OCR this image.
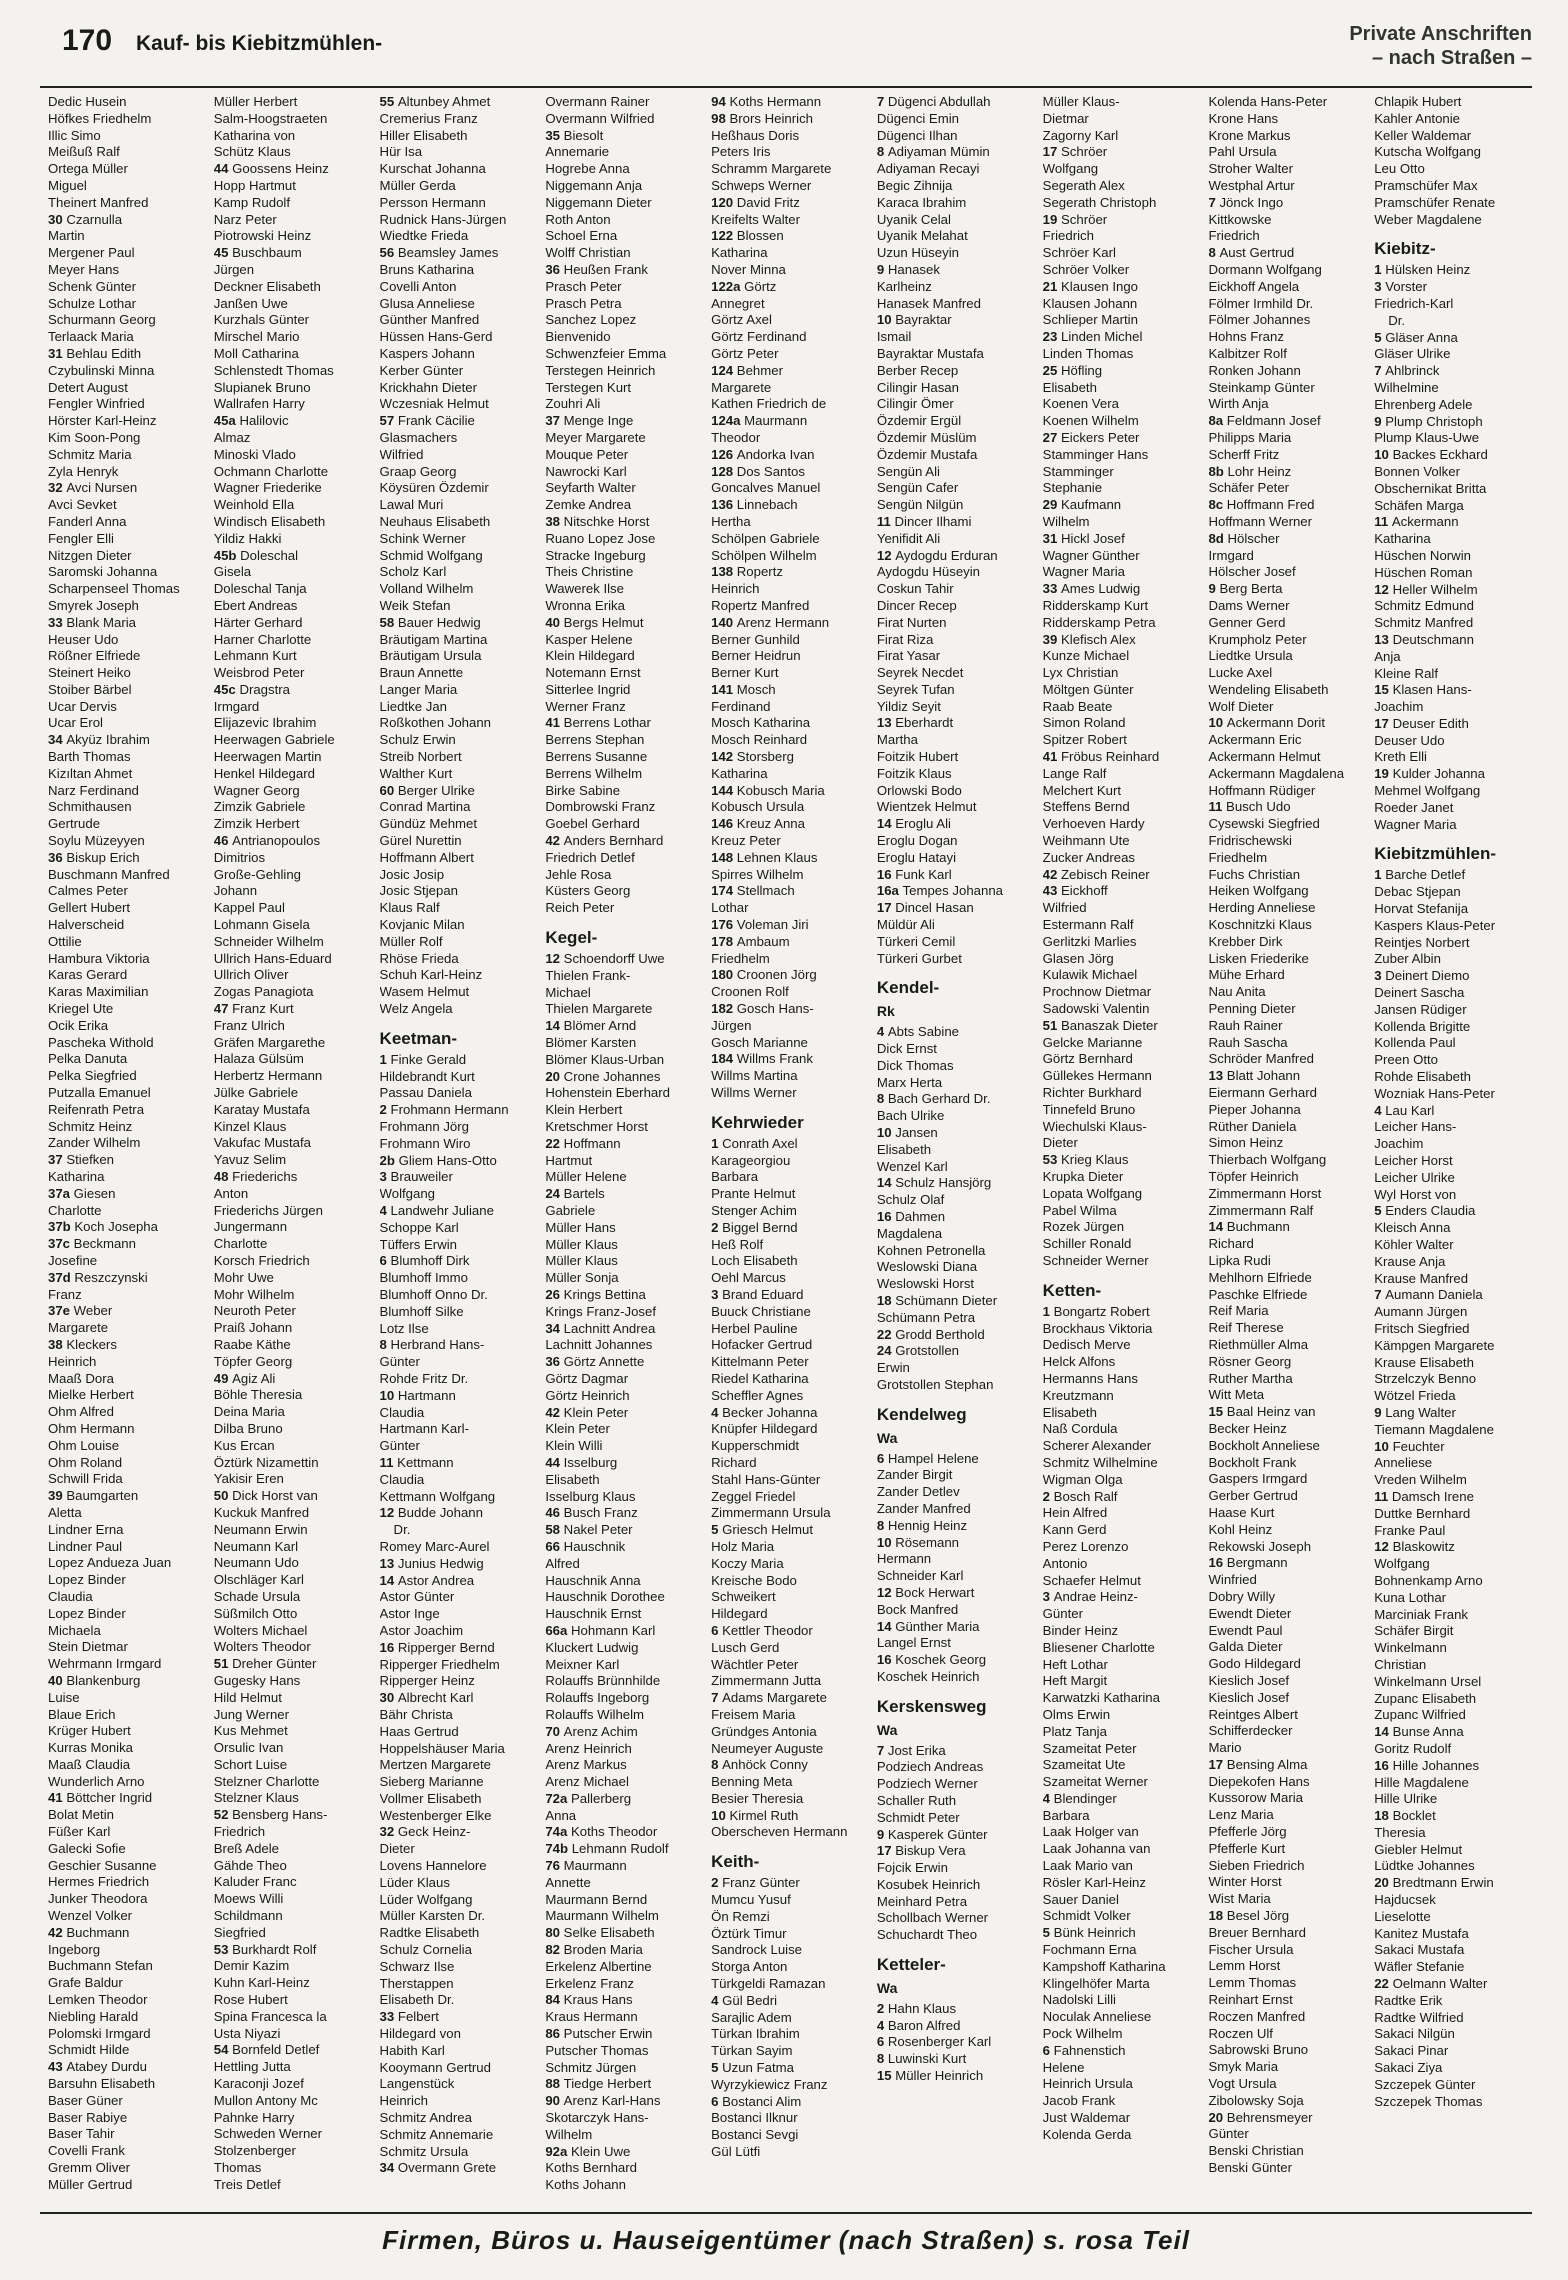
170 Kauf- bis Kiebitzmühlen-	Private Anschriften
– nach Straßen –
Dedic Husein
Höfkes Friedhelm
Illic Simo
Meißuß Ralf
Ortega Müller
Miguel
Theinert Manfred
30 Czarnulla
Martin
Mergener Paul
Meyer Hans
Schenk Günter
Schulze Lothar
Schurmann Georg
Terlaack Maria
31 Behlau Edith
Czybulinski Minna
Detert August
Fengler Winfried
Hörster Karl-Heinz
Kim Soon-Pong
Schmitz Maria
Zyla Henryk
32 Avci Nursen
Avci Sevket
Fanderl Anna
Fengler Elli
Nitzgen Dieter
Saromski Johanna
Scharpenseel Thomas
Smyrek Joseph
33 Blank Maria
Heuser Udo
Rößner Elfriede
Steinert Heiko
Stoiber Bärbel
Ucar Dervis
Ucar Erol
34 Akyüz Ibrahim
Barth Thomas
Kizıltan Ahmet
Narz Ferdinand
Schmithausen
Gertrude
Soylu Müzeyyen
36 Biskup Erich
Buschmann Manfred
Calmes Peter
Gellert Hubert
Halverscheid
Ottilie
Hambura Viktoria
Karas Gerard
Karas Maximilian
Kriegel Ute
Ocik Erika
Pascheka Withold
Pelka Danuta
Pelka Siegfried
Putzalla Emanuel
Reifenrath Petra
Schmitz Heinz
Zander Wilhelm
37 Stiefken
Katharina
37a Giesen
Charlotte
37b Koch Josepha
37c Beckmann
Josefine
37d Reszczynski
Franz
37e Weber
Margarete
38 Kleckers
Heinrich
Maaß Dora
Mielke Herbert
Ohm Alfred
Ohm Hermann
Ohm Louise
Ohm Roland
Schwill Frida
39 Baumgarten
Aletta
Lindner Erna
Lindner Paul
Lopez Andueza Juan
Lopez Binder
Claudia
Lopez Binder
Michaela
Stein Dietmar
Wehrmann Irmgard
40 Blankenburg
Luise
Blaue Erich
Krüger Hubert
Kurras Monika
Maaß Claudia
Wunderlich Arno
41 Böttcher Ingrid
Bolat Metin
Füßer Karl
Galecki Sofie
Geschier Susanne
Hermes Friedrich
Junker Theodora
Wenzel Volker
42 Buchmann
Ingeborg
Buchmann Stefan
Grafe Baldur
Lemken Theodor
Niebling Harald
Polomski Irmgard
Schmidt Hilde
43 Atabey Durdu
Barsuhn Elisabeth
Baser Güner
Baser Rabiye
Baser Tahir
Covelli Frank
Gremm Oliver
Müller Gertrud
Müller Herbert
Salm-Hoogstraeten
Katharina von
Schütz Klaus
44 Goossens Heinz
Hopp Hartmut
Kamp Rudolf
Narz Peter
Piotrowski Heinz
45 Buschbaum
Jürgen
Deckner Elisabeth
Janßen Uwe
Kurzhals Günter
Mirschel Mario
Moll Catharina
Schlenstedt Thomas
Slupianek Bruno
Wallrafen Harry
45a Halilovic
Almaz
Minoski Vlado
Ochmann Charlotte
Wagner Friederike
Weinhold Ella
Windisch Elisabeth
Yildiz Hakki
45b Doleschal
Gisela
Doleschal Tanja
Ebert Andreas
Härter Gerhard
Harner Charlotte
Lehmann Kurt
Weisbrod Peter
45c Dragstra
Irmgard
Elijazevic Ibrahim
Heerwagen Gabriele
Heerwagen Martin
Henkel Hildegard
Wagner Georg
Zimzik Gabriele
Zimzik Herbert
46 Antrianopoulos
Dimitrios
Große-Gehling
Johann
Kappel Paul
Lohmann Gisela
Schneider Wilhelm
Ullrich Hans-Eduard
Ullrich Oliver
Zogas Panagiota
47 Franz Kurt
Franz Ulrich
Gräfen Margarethe
Halaza Gülsüm
Herbertz Hermann
Jülke Gabriele
Karatay Mustafa
Kinzel Klaus
Vakufac Mustafa
Yavuz Selim
48 Friederichs
Anton
Friederichs Jürgen
Jungermann
Charlotte
Korsch Friedrich
Mohr Uwe
Mohr Wilhelm
Neuroth Peter
Praiß Johann
Raabe Käthe
Töpfer Georg
49 Agiz Ali
Böhle Theresia
Deina Maria
Dilba Bruno
Kus Ercan
Öztürk Nizamettin
Yakisir Eren
50 Dick Horst van
Kuckuk Manfred
Neumann Erwin
Neumann Karl
Neumann Udo
Olschläger Karl
Schade Ursula
Süßmilch Otto
Wolters Michael
Wolters Theodor
51 Dreher Günter
Gugesky Hans
Hild Helmut
Jung Werner
Kus Mehmet
Orsulic Ivan
Schort Luise
Stelzner Charlotte
Stelzner Klaus
52 Bensberg Hans-
Friedrich
Breß Adele
Gähde Theo
Kaluder Franc
Moews Willi
Schildmann
Siegfried
53 Burkhardt Rolf
Demir Kazim
Kuhn Karl-Heinz
Rose Hubert
Spina Francesca la
Usta Niyazi
54 Bornfeld Detlef
Hettling Jutta
Karaconji Jozef
Mullon Antony Mc
Pahnke Harry
Schweden Werner
Stolzenberger
Thomas
Treis Detlef
55 Altunbey Ahmet
Cremerius Franz
Hiller Elisabeth
Hür Isa
Kurschat Johanna
Müller Gerda
Persson Hermann
Rudnick Hans-Jürgen
Wiedtke Frieda
56 Beamsley James
Bruns Katharina
Covelli Anton
Glusa Anneliese
Günther Manfred
Hüssen Hans-Gerd
Kaspers Johann
Kerber Günter
Krickhahn Dieter
Wczesniak Helmut
57 Frank Cäcilie
Glasmachers
Wilfried
Graap Georg
Köysüren Özdemir
Lawal Muri
Neuhaus Elisabeth
Schink Werner
Schmid Wolfgang
Scholz Karl
Volland Wilhelm
Weik Stefan
58 Bauer Hedwig
Bräutigam Martina
Bräutigam Ursula
Braun Annette
Langer Maria
Liedtke Jan
Roßkothen Johann
Schulz Erwin
Streib Norbert
Walther Kurt
60 Berger Ulrike
Conrad Martina
Gündüz Mehmet
Gürel Nurettin
Hoffmann Albert
Josic Josip
Josic Stjepan
Klaus Ralf
Kovjanic Milan
Müller Rolf
Rhöse Frieda
Schuh Karl-Heinz
Wasem Helmut
Welz Angela
Keetman-
1 Finke Gerald
Hildebrandt Kurt
Passau Daniela
2 Frohmann Hermann
Frohmann Jörg
Frohmann Wiro
2b Gliem Hans-Otto
3 Brauweiler
Wolfgang
4 Landwehr Juliane
Schoppe Karl
Tüffers Erwin
6 Blumhoff Dirk
Blumhoff Immo
Blumhoff Onno Dr.
Blumhoff Silke
Lotz Ilse
8 Herbrand Hans-
Günter
Rohde Fritz Dr.
10 Hartmann
Claudia
Hartmann Karl-
Günter
11 Kettmann
Claudia
Kettmann Wolfgang
12 Budde Johann
Dr.
Romey Marc-Aurel
13 Junius Hedwig
14 Astor Andrea
Astor Günter
Astor Inge
Astor Joachim
16 Ripperger Bernd
Ripperger Friedhelm
Ripperger Heinz
30 Albrecht Karl
Bähr Christa
Haas Gertrud
Hoppelshäuser Maria
Mertzen Margarete
Sieberg Marianne
Vollmer Elisabeth
Westenberger Elke
32 Geck Heinz-
Dieter
Lovens Hannelore
Lüder Klaus
Lüder Wolfgang
Müller Karsten Dr.
Radtke Elisabeth
Schulz Cornelia
Schwarz Ilse
Therstappen
Elisabeth Dr.
33 Felbert
Hildegard von
Habith Karl
Kooymann Gertrud
Langenstück
Heinrich
Schmitz Andrea
Schmitz Annemarie
Schmitz Ursula
34 Overmann Grete
Overmann Rainer
Overmann Wilfried
35 Biesolt
Annemarie
Hogrebe Anna
Niggemann Anja
Niggemann Dieter
Roth Anton
Schoel Erna
Wolff Christian
36 Heußen Frank
Prasch Peter
Prasch Petra
Sanchez Lopez
Bienvenido
Schwenzfeier Emma
Terstegen Heinrich
Terstegen Kurt
Zouhri Ali
37 Menge Inge
Meyer Margarete
Mouque Peter
Nawrocki Karl
Seyfarth Walter
Zemke Andrea
38 Nitschke Horst
Ruano Lopez Jose
Stracke Ingeburg
Theis Christine
Wawerek Ilse
Wronna Erika
40 Bergs Helmut
Kasper Helene
Klein Hildegard
Notemann Ernst
Sitterlee Ingrid
Werner Franz
41 Berrens Lothar
Berrens Stephan
Berrens Susanne
Berrens Wilhelm
Birke Sabine
Dombrowski Franz
Goebel Gerhard
42 Anders Bernhard
Friedrich Detlef
Jehle Rosa
Küsters Georg
Reich Peter
Kegel-
12 Schoendorff Uwe
Thielen Frank-
Michael
Thielen Margarete
14 Blömer Arnd
Blömer Karsten
Blömer Klaus-Urban
20 Crone Johannes
Hohenstein Eberhard
Klein Herbert
Kretschmer Horst
22 Hoffmann
Hartmut
Müller Helene
24 Bartels
Gabriele
Müller Hans
Müller Klaus
Müller Klaus
Müller Sonja
26 Krings Bettina
Krings Franz-Josef
34 Lachnitt Andrea
Lachnitt Johannes
36 Görtz Annette
Görtz Dagmar
Görtz Heinrich
42 Klein Peter
Klein Peter
Klein Willi
44 Isselburg
Elisabeth
Isselburg Klaus
46 Busch Franz
58 Nakel Peter
66 Hauschnik
Alfred
Hauschnik Anna
Hauschnik Dorothee
Hauschnik Ernst
66a Hohmann Karl
Kluckert Ludwig
Meixner Karl
Rolauffs Brünnhilde
Rolauffs Ingeborg
Rolauffs Wilhelm
70 Arenz Achim
Arenz Heinrich
Arenz Markus
Arenz Michael
72a Pallerberg
Anna
74a Koths Theodor
74b Lehmann Rudolf
76 Maurmann
Annette
Maurmann Bernd
Maurmann Wilhelm
80 Selke Elisabeth
82 Broden Maria
Erkelenz Albertine
Erkelenz Franz
84 Kraus Hans
Kraus Hermann
86 Putscher Erwin
Putscher Thomas
Schmitz Jürgen
88 Tiedge Herbert
90 Arenz Karl-Hans
Skotarczyk Hans-
Wilhelm
92a Klein Uwe
Koths Bernhard
Koths Johann
94 Koths Hermann
98 Brors Heinrich
Heßhaus Doris
Peters Iris
Schramm Margarete
Schweps Werner
120 David Fritz
Kreifelts Walter
122 Blossen
Katharina
Nover Minna
122a Görtz
Annegret
Görtz Axel
Görtz Ferdinand
Görtz Peter
124 Behmer
Margarete
Kathen Friedrich de
124a Maurmann
Theodor
126 Andorka Ivan
128 Dos Santos
Goncalves Manuel
136 Linnebach
Hertha
Schölpen Gabriele
Schölpen Wilhelm
138 Ropertz
Heinrich
Ropertz Manfred
140 Arenz Hermann
Berner Gunhild
Berner Heidrun
Berner Kurt
141 Mosch
Ferdinand
Mosch Katharina
Mosch Reinhard
142 Storsberg
Katharina
144 Kobusch Maria
Kobusch Ursula
146 Kreuz Anna
Kreuz Peter
148 Lehnen Klaus
Spirres Wilhelm
174 Stellmach
Lothar
176 Voleman Jiri
178 Ambaum
Friedhelm
180 Croonen Jörg
Croonen Rolf
182 Gosch Hans-
Jürgen
Gosch Marianne
184 Willms Frank
Willms Martina
Willms Werner
Kehrwieder
1 Conrath Axel
Karageorgiou
Barbara
Prante Helmut
Stenger Achim
2 Biggel Bernd
Heß Rolf
Loch Elisabeth
Oehl Marcus
3 Brand Eduard
Buuck Christiane
Herbel Pauline
Hofacker Gertrud
Kittelmann Peter
Riedel Katharina
Scheffler Agnes
4 Becker Johanna
Knüpfer Hildegard
Kupperschmidt
Richard
Stahl Hans-Günter
Zeggel Friedel
Zimmermann Ursula
5 Griesch Helmut
Holz Maria
Koczy Maria
Kreische Bodo
Schweikert
Hildegard
6 Kettler Theodor
Lusch Gerd
Wächtler Peter
Zimmermann Jutta
7 Adams Margarete
Freisem Maria
Gründges Antonia
Neumeyer Auguste
8 Anhöck Conny
Benning Meta
Besier Theresia
10 Kirmel Ruth
Oberscheven Hermann
Keith-
2 Franz Günter
Mumcu Yusuf
Ön Remzi
Öztürk Timur
Sandrock Luise
Storga Anton
Türkgeldi Ramazan
4 Gül Bedri
Sarajlic Adem
Türkan Ibrahim
Türkan Sayim
5 Uzun Fatma
Wyrzykiewicz Franz
6 Bostanci Alim
Bostanci Ilknur
Bostanci Sevgi
Gül Lütfi
7 Dügenci Abdullah
Dügenci Emin
Dügenci Ilhan
8 Adiyaman Mümin
Adiyaman Recayi
Begic Zihnija
Karaca Ibrahim
Uyanik Celal
Uyanik Melahat
Uzun Hüseyin
9 Hanasek
Karlheinz
Hanasek Manfred
10 Bayraktar
Ismail
Bayraktar Mustafa
Berber Recep
Cilingir Hasan
Cilingir Ömer
Özdemir Ergül
Özdemir Müslüm
Özdemir Mustafa
Sengün Ali
Sengün Cafer
Sengün Nilgün
11 Dincer Ilhami
Yenifidit Ali
12 Aydogdu Erduran
Aydogdu Hüseyin
Coskun Tahir
Dincer Recep
Firat Nurten
Firat Riza
Firat Yasar
Seyrek Necdet
Seyrek Tufan
Yildiz Seyit
13 Eberhardt
Martha
Foitzik Hubert
Foitzik Klaus
Orlowski Bodo
Wientzek Helmut
14 Eroglu Ali
Eroglu Dogan
Eroglu Hatayi
16 Funk Karl
16a Tempes Johanna
17 Dincel Hasan
Müldür Ali
Türkeri Cemil
Türkeri Gurbet
Kendel-
Rk
4 Abts Sabine
Dick Ernst
Dick Thomas
Marx Herta
8 Bach Gerhard Dr.
Bach Ulrike
10 Jansen
Elisabeth
Wenzel Karl
14 Schulz Hansjörg
Schulz Olaf
16 Dahmen
Magdalena
Kohnen Petronella
Weslowski Diana
Weslowski Horst
18 Schümann Dieter
Schümann Petra
22 Grodd Berthold
24 Grotstollen
Erwin
Grotstollen Stephan
Kendelweg
Wa
6 Hampel Helene
Zander Birgit
Zander Detlev
Zander Manfred
8 Hennig Heinz
10 Rösemann
Hermann
Schneider Karl
12 Bock Herwart
Bock Manfred
14 Günther Maria
Langel Ernst
16 Koschek Georg
Koschek Heinrich
Kerskensweg
Wa
7 Jost Erika
Podziech Andreas
Podziech Werner
Schaller Ruth
Schmidt Peter
9 Kasperek Günter
17 Biskup Vera
Fojcik Erwin
Kosubek Heinrich
Meinhard Petra
Schollbach Werner
Schuchardt Theo
Ketteler-
Wa
2 Hahn Klaus
4 Baron Alfred
6 Rosenberger Karl
8 Luwinski Kurt
15 Müller Heinrich
Müller Klaus-
Dietmar
Zagorny Karl
17 Schröer
Wolfgang
Segerath Alex
Segerath Christoph
19 Schröer
Friedrich
Schröer Karl
Schröer Volker
21 Klausen Ingo
Klausen Johann
Schlieper Martin
23 Linden Michel
Linden Thomas
25 Höfling
Elisabeth
Koenen Vera
Koenen Wilhelm
27 Eickers Peter
Stamminger Hans
Stamminger
Stephanie
29 Kaufmann
Wilhelm
31 Hickl Josef
Wagner Günther
Wagner Maria
33 Ames Ludwig
Ridderskamp Kurt
Ridderskamp Petra
39 Klefisch Alex
Kunze Michael
Lyx Christian
Möltgen Günter
Raab Beate
Simon Roland
Spitzer Robert
41 Fröbus Reinhard
Lange Ralf
Melchert Kurt
Steffens Bernd
Verhoeven Hardy
Weihmann Ute
Zucker Andreas
42 Zebisch Reiner
43 Eickhoff
Wilfried
Estermann Ralf
Gerlitzki Marlies
Glasen Jörg
Kulawik Michael
Prochnow Dietmar
Sadowski Valentin
51 Banaszak Dieter
Gelcke Marianne
Görtz Bernhard
Güllekes Hermann
Richter Burkhard
Tinnefeld Bruno
Wiechulski Klaus-
Dieter
53 Krieg Klaus
Krupka Dieter
Lopata Wolfgang
Pabel Wilma
Rozek Jürgen
Schiller Ronald
Schneider Werner
Ketten-
1 Bongartz Robert
Brockhaus Viktoria
Dedisch Merve
Helck Alfons
Hermanns Hans
Kreutzmann
Elisabeth
Naß Cordula
Scherer Alexander
Schmitz Wilhelmine
Wigman Olga
2 Bosch Ralf
Hein Alfred
Kann Gerd
Perez Lorenzo
Antonio
Schaefer Helmut
3 Andrae Heinz-
Günter
Binder Heinz
Bliesener Charlotte
Heft Lothar
Heft Margit
Karwatzki Katharina
Olms Erwin
Platz Tanja
Szameitat Peter
Szameitat Ute
Szameitat Werner
4 Blendinger
Barbara
Laak Holger van
Laak Johanna van
Laak Mario van
Rösler Karl-Heinz
Sauer Daniel
Schmidt Volker
5 Bünk Heinrich
Fochmann Erna
Kampshoff Katharina
Klingelhöfer Marta
Nadolski Lilli
Noculak Anneliese
Pock Wilhelm
6 Fahnenstich
Helene
Heinrich Ursula
Jacob Frank
Just Waldemar
Kolenda Gerda
Kolenda Hans-Peter
Krone Hans
Krone Markus
Pahl Ursula
Stroher Walter
Westphal Artur
7 Jönck Ingo
Kittkowske
Friedrich
8 Aust Gertrud
Dormann Wolfgang
Eickhoff Angela
Fölmer Irmhild Dr.
Fölmer Johannes
Hohns Franz
Kalbitzer Rolf
Ronken Johann
Steinkamp Günter
Wirth Anja
8a Feldmann Josef
Philipps Maria
Scherff Fritz
8b Lohr Heinz
Schäfer Peter
8c Hoffmann Fred
Hoffmann Werner
8d Hölscher
Irmgard
Hölscher Josef
9 Berg Berta
Dams Werner
Genner Gerd
Krumpholz Peter
Liedtke Ursula
Lucke Axel
Wendeling Elisabeth
Wolf Dieter
10 Ackermann Dorit
Ackermann Eric
Ackermann Helmut
Ackermann Magdalena
Hoffmann Rüdiger
11 Busch Udo
Cysewski Siegfried
Fridrischewski
Friedhelm
Fuchs Christian
Heiken Wolfgang
Herding Anneliese
Koschnitzki Klaus
Krebber Dirk
Lisken Friederike
Mühe Erhard
Nau Anita
Penning Dieter
Rauh Rainer
Rauh Sascha
Schröder Manfred
13 Blatt Johann
Eiermann Gerhard
Pieper Johanna
Rüther Daniela
Simon Heinz
Thierbach Wolfgang
Töpfer Heinrich
Zimmermann Horst
Zimmermann Ralf
14 Buchmann
Richard
Lipka Rudi
Mehlhorn Elfriede
Paschke Elfriede
Reif Maria
Reif Therese
Riethmüller Alma
Rösner Georg
Ruther Martha
Witt Meta
15 Baal Heinz van
Becker Heinz
Bockholt Anneliese
Bockholt Frank
Gaspers Irmgard
Gerber Gertrud
Haase Kurt
Kohl Heinz
Rekowski Joseph
16 Bergmann
Winfried
Dobry Willy
Ewendt Dieter
Ewendt Paul
Galda Dieter
Godo Hildegard
Kieslich Josef
Kieslich Josef
Reintges Albert
Schifferdecker
Mario
17 Bensing Alma
Diepekofen Hans
Kussorow Maria
Lenz Maria
Pfefferle Jörg
Pfefferle Kurt
Sieben Friedrich
Winter Horst
Wist Maria
18 Besel Jörg
Breuer Bernhard
Fischer Ursula
Lemm Horst
Lemm Thomas
Reinhart Ernst
Roczen Manfred
Roczen Ulf
Sabrowski Bruno
Smyk Maria
Vogt Ursula
Zibolowsky Soja
20 Behrensmeyer
Günter
Benski Christian
Benski Günter
Chlapik Hubert
Kahler Antonie
Keller Waldemar
Kutscha Wolfgang
Leu Otto
Pramschüfer Max
Pramschüfer Renate
Weber Magdalene
Kiebitz-
1 Hülsken Heinz
3 Vorster
Friedrich-Karl
Dr.
5 Gläser Anna
Gläser Ulrike
7 Ahlbrinck
Wilhelmine
Ehrenberg Adele
9 Plump Christoph
Plump Klaus-Uwe
10 Backes Eckhard
Bonnen Volker
Obschernikat Britta
Schäfen Marga
11 Ackermann
Katharina
Hüschen Norwin
Hüschen Roman
12 Heller Wilhelm
Schmitz Edmund
Schmitz Manfred
13 Deutschmann
Anja
Kleine Ralf
15 Klasen Hans-
Joachim
17 Deuser Edith
Deuser Udo
Kreth Elli
19 Kulder Johanna
Mehmel Wolfgang
Roeder Janet
Wagner Maria
Kiebitzmühlen-
1 Barche Detlef
Debac Stjepan
Horvat Stefanija
Kaspers Klaus-Peter
Reintjes Norbert
Zuber Albin
3 Deinert Diemo
Deinert Sascha
Jansen Rüdiger
Kollenda Brigitte
Kollenda Paul
Preen Otto
Rohde Elisabeth
Wozniak Hans-Peter
4 Lau Karl
Leicher Hans-
Joachim
Leicher Horst
Leicher Ulrike
Wyl Horst von
5 Enders Claudia
Kleisch Anna
Köhler Walter
Krause Anja
Krause Manfred
7 Aumann Daniela
Aumann Jürgen
Fritsch Siegfried
Kämpgen Margarete
Krause Elisabeth
Strzelczyk Benno
Wötzel Frieda
9 Lang Walter
Tiemann Magdalene
10 Feuchter
Anneliese
Vreden Wilhelm
11 Damsch Irene
Duttke Bernhard
Franke Paul
12 Blaskowitz
Wolfgang
Bohnenkamp Arno
Kuna Lothar
Marciniak Frank
Schäfer Birgit
Winkelmann
Christian
Winkelmann Ursel
Zupanc Elisabeth
Zupanc Wilfried
14 Bunse Anna
Goritz Rudolf
16 Hille Johannes
Hille Magdalene
Hille Ulrike
18 Bocklet
Theresia
Giebler Helmut
Lüdtke Johannes
20 Bredtmann Erwin
Hajducsek
Lieselotte
Kanitez Mustafa
Sakaci Mustafa
Wäfler Stefanie
22 Oelmann Walter
Radtke Erik
Radtke Wilfried
Sakaci Nilgün
Sakaci Pinar
Sakaci Ziya
Szczepek Günter
Szczepek Thomas
Firmen, Büros u. Hauseigentümer (nach Straßen) s. rosa Teil
